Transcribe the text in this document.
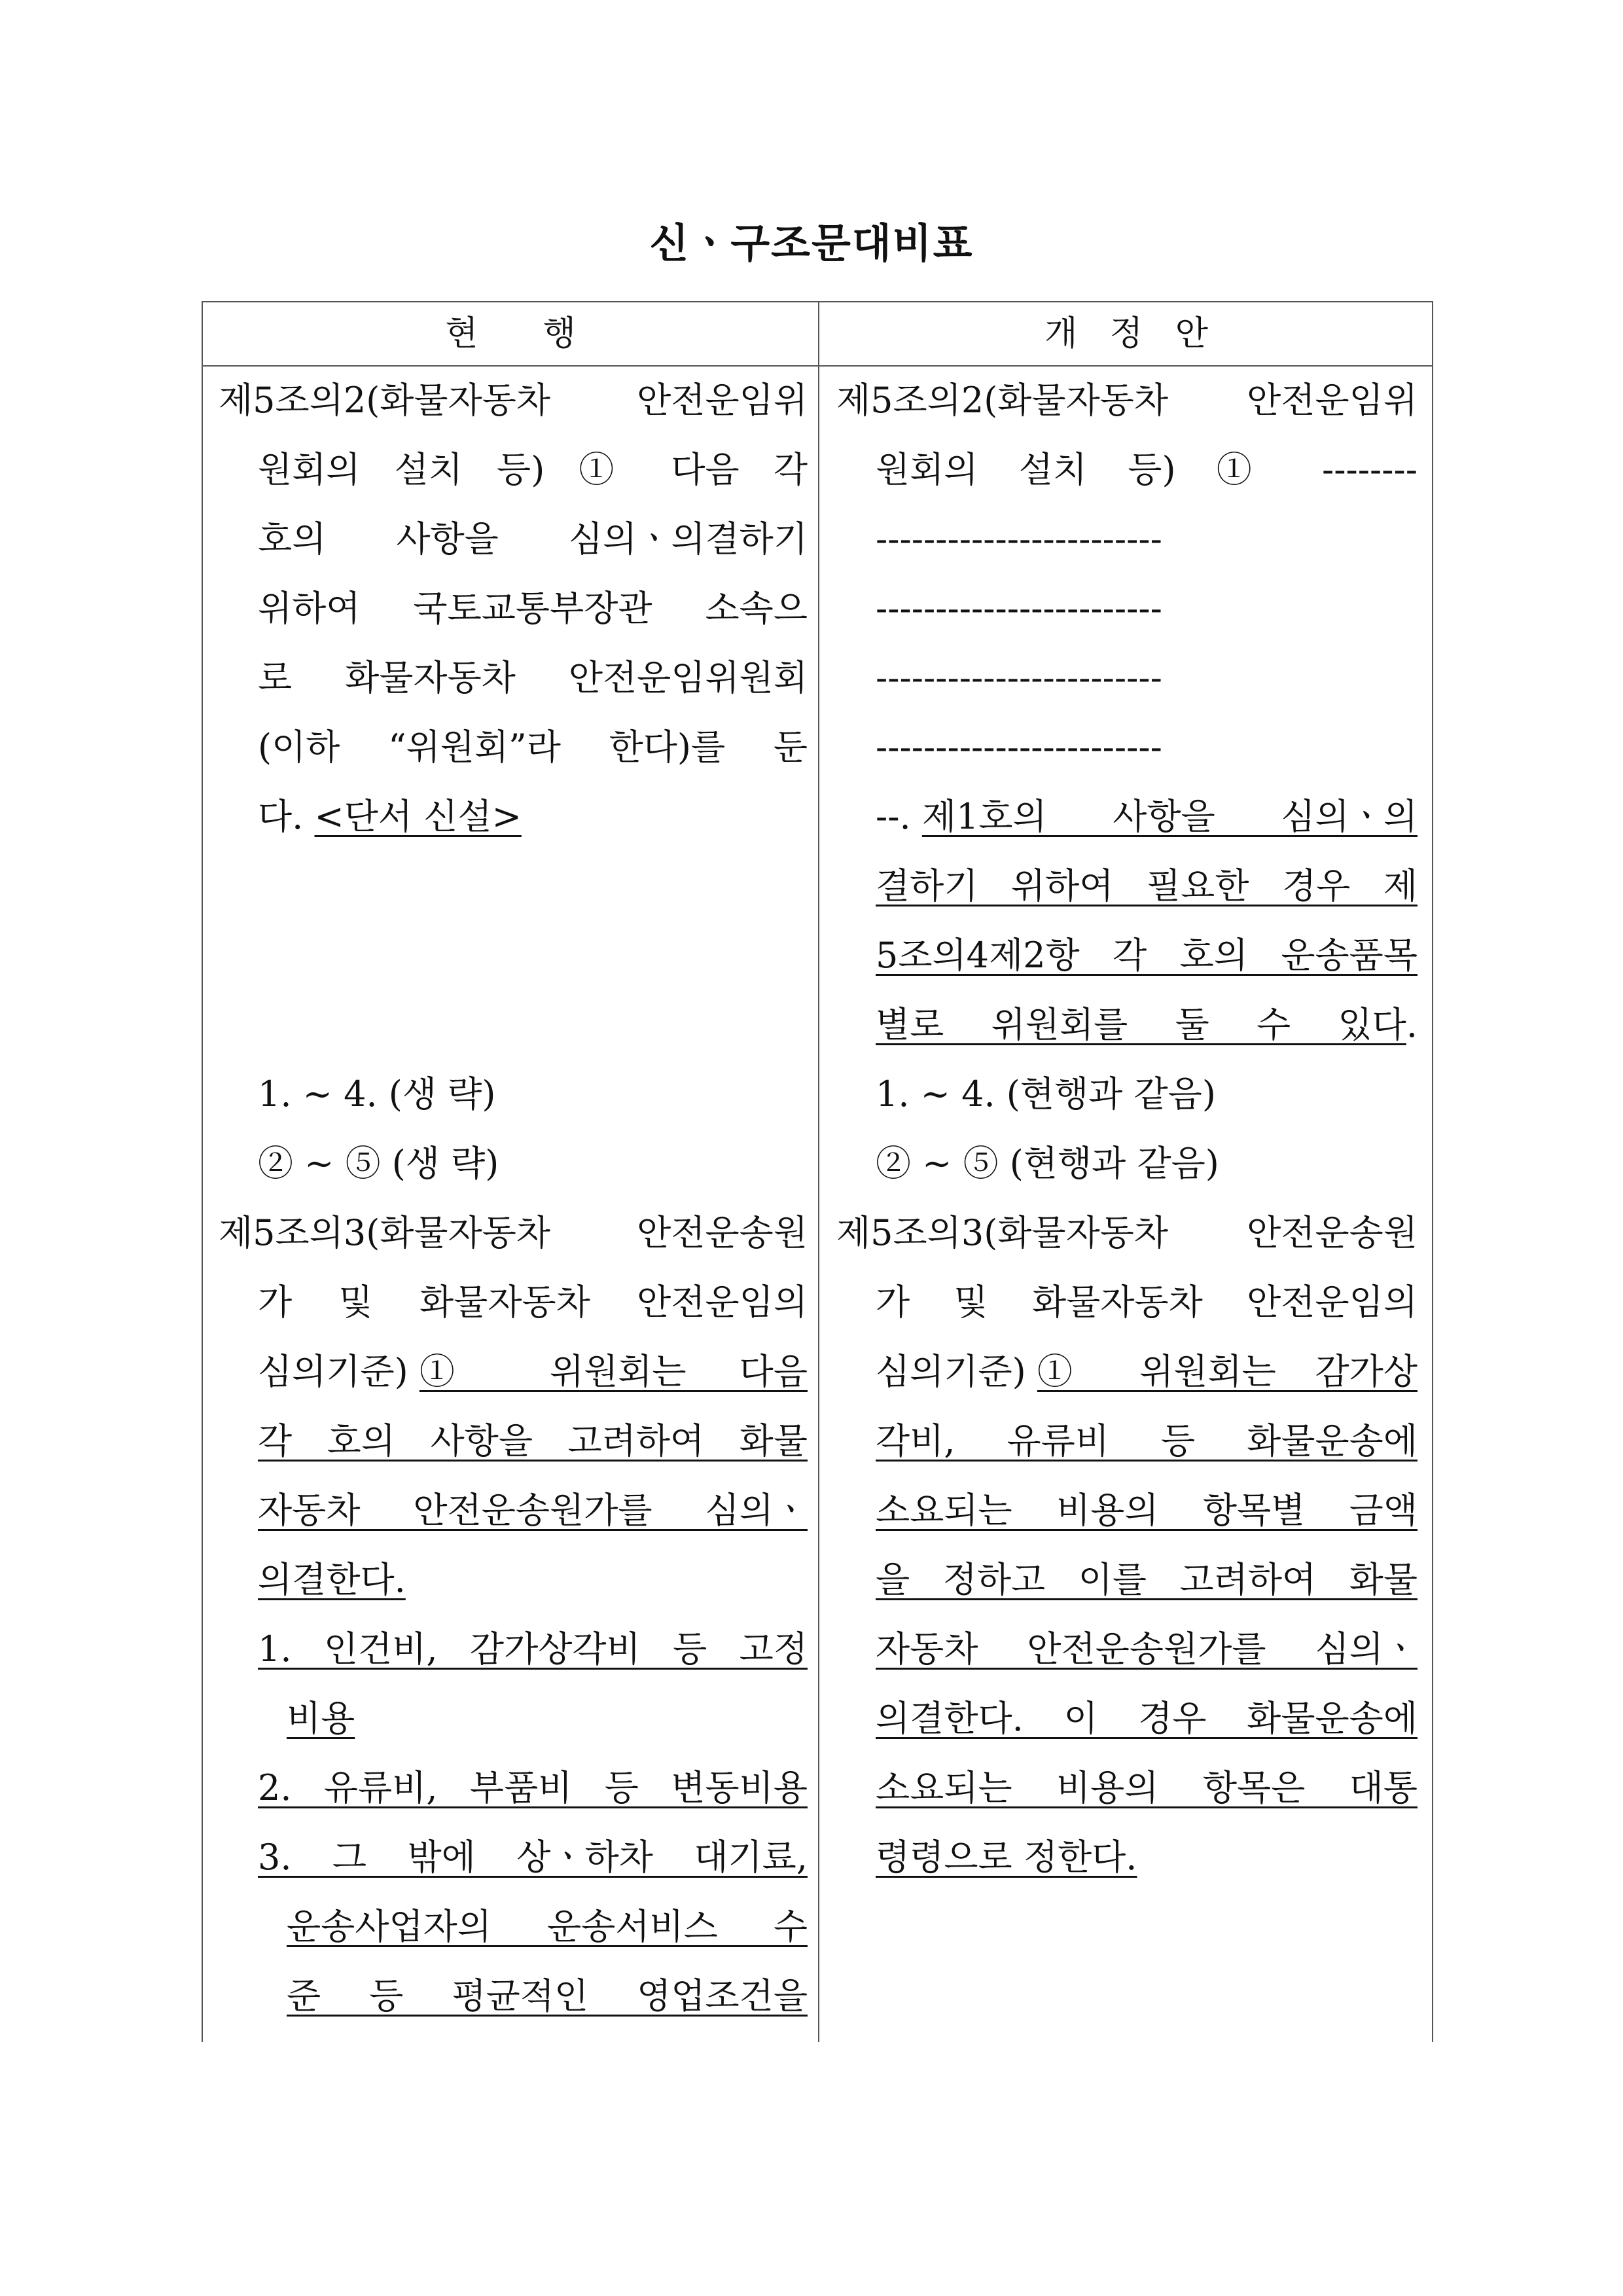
신ㆍ구조문대비표
현      행	개   정   안
제5조의2(화물자동차 안전운임위
원회의 설치 등) ① 다음 각
호의 사항을 심의ㆍ의결하기
위하여 국토교통부장관 소속으
로 화물자동차 안전운임위원회
(이하 “위원회”라 한다)를 둔
다. <단서 신설>
1. ∼ 4. (생 략)
② ∼ ⑤ (생 략)
제5조의3(화물자동차 안전운송원
가 및 화물자동차 안전운임의
심의기준) ① 위원회는 다음
각 호의 사항을 고려하여 화물
자동차 안전운송원가를 심의ㆍ
의결한다.
1. 인건비, 감가상각비 등 고정
비용
2. 유류비, 부품비 등 변동비용
3. 그 밖에 상ㆍ하차 대기료,
운송사업자의 운송서비스 수
준 등 평균적인 영업조건을
제5조의2(화물자동차 안전운임위
원회의 설치 등) ① --------
------------------------
------------------------
------------------------
------------------------
--. 제1호의 사항을 심의ㆍ의
결하기 위하여 필요한 경우 제
5조의4제2항 각 호의 운송품목
별로 위원회를 둘 수 있다 .
1. ∼ 4. (현행과 같음)
② ∼ ⑤ (현행과 같음)
제5조의3(화물자동차 안전운송원
가 및 화물자동차 안전운임의
심의기준) ① 위원회는 감가상
각비, 유류비 등 화물운송에
소요되는 비용의 항목별 금액
을 정하고 이를 고려하여 화물
자동차 안전운송원가를 심의ㆍ
의결한다. 이 경우 화물운송에
소요되는 비용의 항목은 대통
령령으로 정한다.
